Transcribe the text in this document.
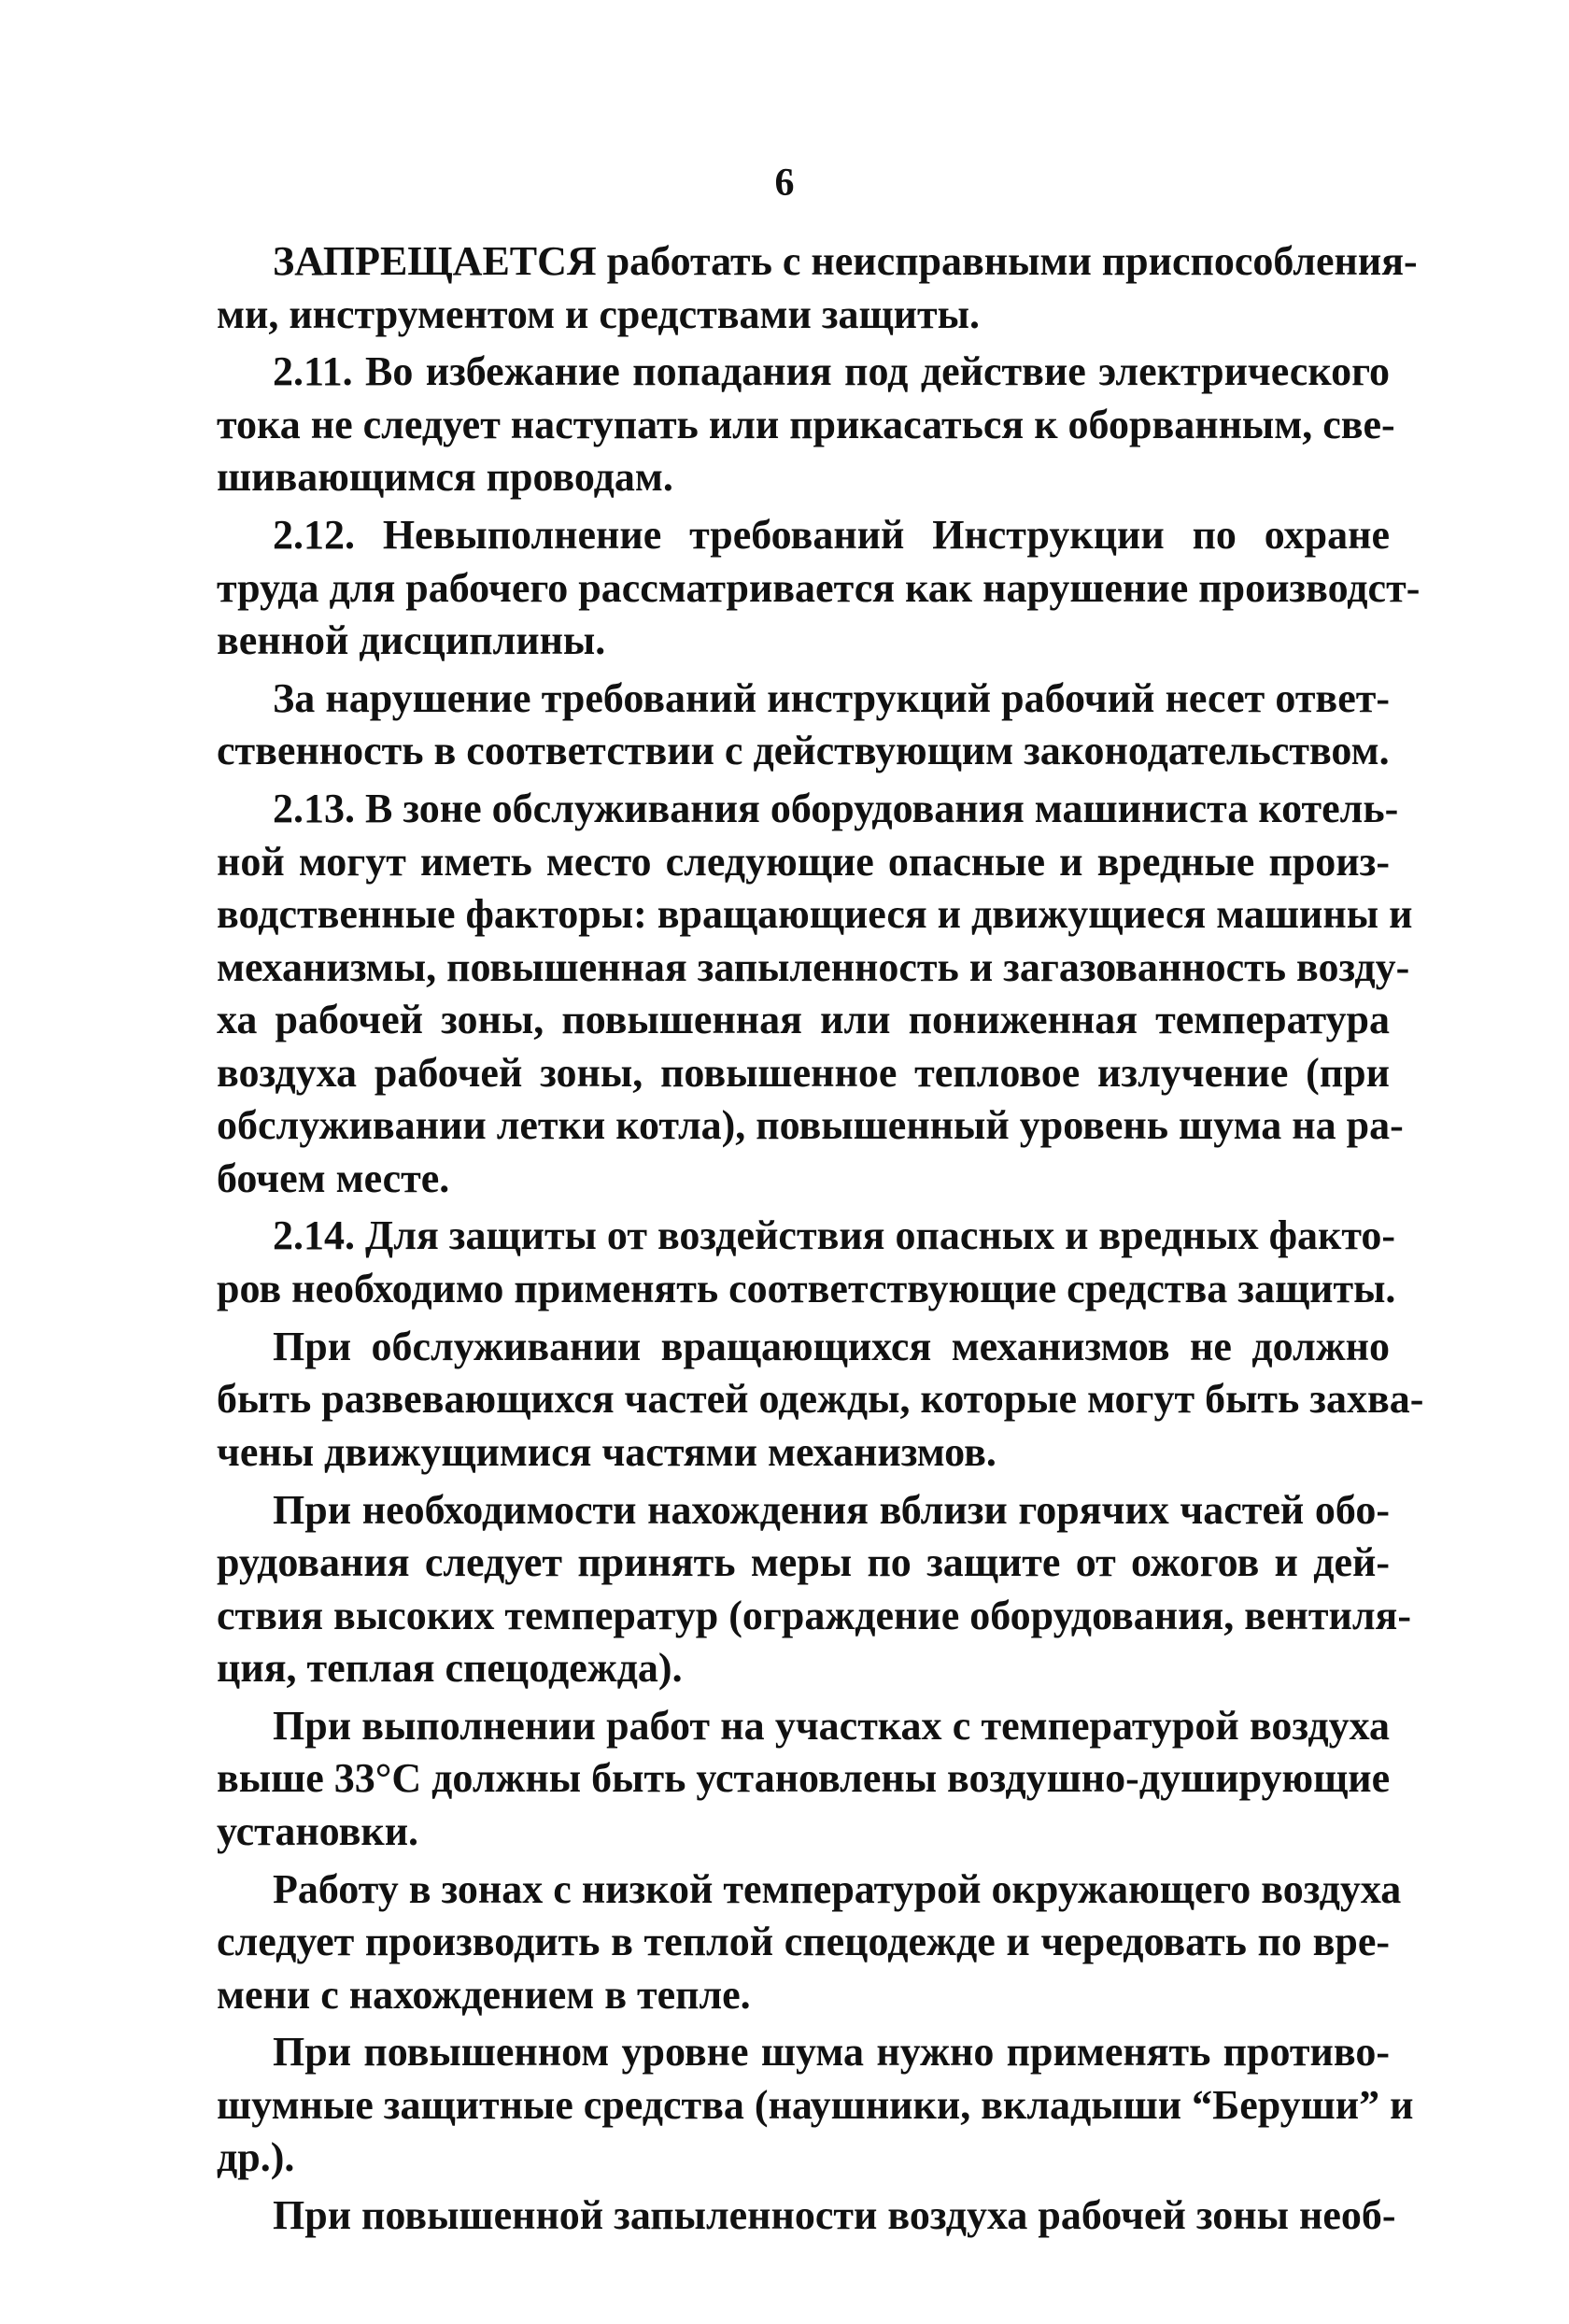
6
ЗАПРЕЩАЕТСЯ работать с неисправными приспособления-
ми, инструментом и средствами защиты.
2.11. Во избежание попадания под действие электрического
тока не следует наступать или прикасаться к оборванным, све-
шивающимся проводам.
2.12. Невыполнение требований Инструкции по охране
труда для рабочего рассматривается как нарушение производст-
венной дисциплины.
За нарушение требований инструкций рабочий несет ответ-
ственность в соответствии с действующим законодательством.
2.13. В зоне обслуживания оборудования машиниста котель-
ной могут иметь место следующие опасные и вредные произ-
водственные факторы: вращающиеся и движущиеся машины и
механизмы, повышенная запыленность и загазованность возду-
ха рабочей зоны, повышенная или пониженная температура
воздуха рабочей зоны, повышенное тепловое излучение (при
обслуживании летки котла), повышенный уровень шума на ра-
бочем месте.
2.14. Для защиты от воздействия опасных и вредных факто-
ров необходимо применять соответствующие средства защиты.
При обслуживании вращающихся механизмов не должно
быть развевающихся частей одежды, которые могут быть захва-
чены движущимися частями механизмов.
При необходимости нахождения вблизи горячих частей обо-
рудования следует принять меры по защите от ожогов и дей-
ствия высоких температур (ограждение оборудования, вентиля-
ция, теплая спецодежда).
При выполнении работ на участках с температурой воздуха
выше 33°С должны быть установлены воздушно-душирующие
установки.
Работу в зонах с низкой температурой окружающего воздуха
следует производить в теплой спецодежде и чередовать по вре-
мени с нахождением в тепле.
При повышенном уровне шума нужно применять противо-
шумные защитные средства (наушники, вкладыши “Беруши” и
др.).
При повышенной запыленности воздуха рабочей зоны необ-
